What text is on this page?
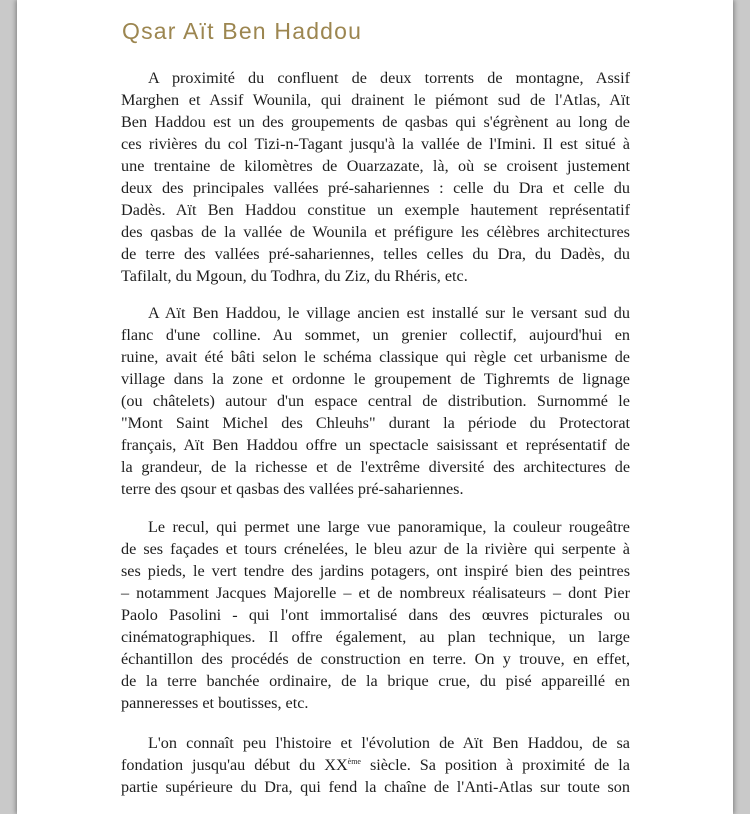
Qsar Aït Ben Haddou
A proximité du confluent de deux torrents de montagne, Assif
Marghen et Assif Wounila, qui drainent le piémont sud de l'Atlas, Aït
Ben Haddou est un des groupements de qasbas qui s'égrènent au long de
ces rivières du col Tizi-n-Tagant jusqu'à la vallée de l'Imini. Il est situé à
une trentaine de kilomètres de Ouarzazate, là, où se croisent justement
deux des principales vallées pré-sahariennes : celle du Dra et celle du
Dadès. Aït Ben Haddou constitue un exemple hautement représentatif
des qasbas de la vallée de Wounila et préfigure les célèbres architectures
de terre des vallées pré-sahariennes, telles celles du Dra, du Dadès, du
Tafilalt, du Mgoun, du Todhra, du Ziz, du Rhéris, etc.
A Aït Ben Haddou, le village ancien est installé sur le versant sud du
flanc d'une colline. Au sommet, un grenier collectif, aujourd'hui en
ruine, avait été bâti selon le schéma classique qui règle cet urbanisme de
village dans la zone et ordonne le groupement de Tighremts de lignage
(ou châtelets) autour d'un espace central de distribution. Surnommé le
"Mont Saint Michel des Chleuhs" durant la période du Protectorat
français, Aït Ben Haddou offre un spectacle saisissant et représentatif de
la grandeur, de la richesse et de l'extrême diversité des architectures de
terre des qsour et qasbas des vallées pré-sahariennes.
Le recul, qui permet une large vue panoramique, la couleur rougeâtre
de ses façades et tours crénelées, le bleu azur de la rivière qui serpente à
ses pieds, le vert tendre des jardins potagers, ont inspiré bien des peintres
– notamment Jacques Majorelle – et de nombreux réalisateurs – dont Pier
Paolo Pasolini - qui l'ont immortalisé dans des œuvres picturales ou
cinématographiques. Il offre également, au plan technique, un large
échantillon des procédés de construction en terre. On y trouve, en effet,
de la terre banchée ordinaire, de la brique crue, du pisé appareillé en
panneresses et boutisses, etc.
L'on connaît peu l'histoire et l'évolution de Aït Ben Haddou, de sa
fondation jusqu'au début du XXème siècle. Sa position à proximité de la
partie supérieure du Dra, qui fend la chaîne de l'Anti-Atlas sur toute son
